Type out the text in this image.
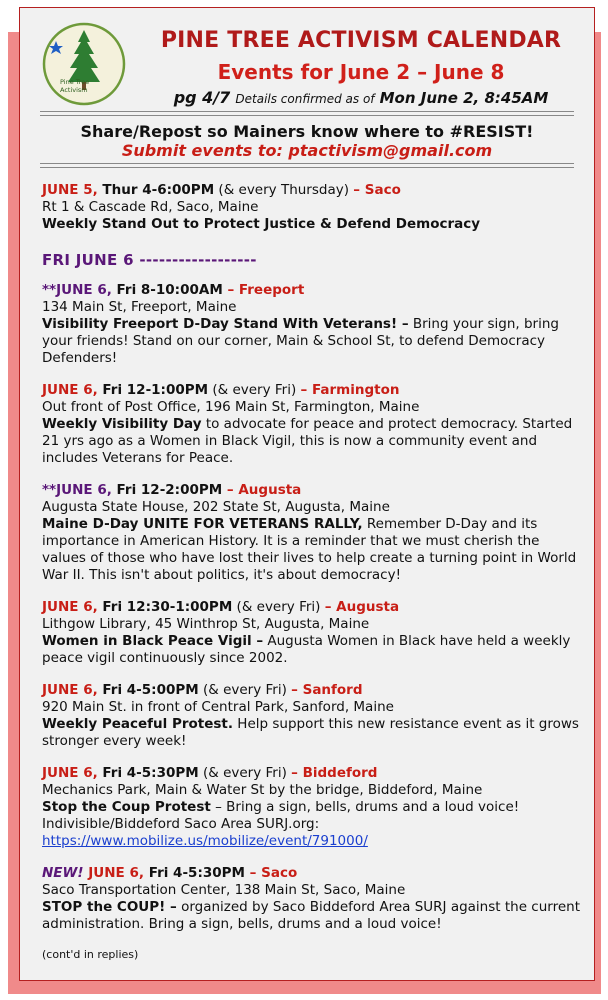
Pine Tree
Activism
PINE TREE ACTIVISM CALENDAR
Events for June 2 – June 8
pg 4/7 Details confirmed as of Mon June 2, 8:45AM
Share/Repost so Mainers know where to #RESIST!
Submit events to: ptactivism@gmail.com
JUNE 5, Thur 4-6:00PM (& every Thursday) – Saco
Rt 1 & Cascade Rd, Saco, Maine
Weekly Stand Out to Protect Justice & Defend Democracy
FRI JUNE 6 ------------------
**JUNE 6, Fri 8-10:00AM – Freeport
134 Main St, Freeport, Maine
Visibility Freeport D-Day Stand With Veterans! – Bring your sign, bring your friends! Stand on our corner, Main & School St, to defend Democracy Defenders!
JUNE 6, Fri 12-1:00PM (& every Fri) – Farmington
Out front of Post Office, 196 Main St, Farmington, Maine
Weekly Visibility Day to advocate for peace and protect democracy. Started 21 yrs ago as a Women in Black Vigil, this is now a community event and includes Veterans for Peace.
**JUNE 6, Fri 12-2:00PM – Augusta
Augusta State House, 202 State St, Augusta, Maine
Maine D-Day UNITE FOR VETERANS RALLY, Remember D-Day and its importance in American History. It is a reminder that we must cherish the values of those who have lost their lives to help create a turning point in World War II. This isn't about politics, it's about democracy!
JUNE 6, Fri 12:30-1:00PM (& every Fri) – Augusta
Lithgow Library, 45 Winthrop St, Augusta, Maine
Women in Black Peace Vigil – Augusta Women in Black have held a weekly peace vigil continuously since 2002.
JUNE 6, Fri 4-5:00PM (& every Fri) – Sanford
920 Main St. in front of Central Park, Sanford, Maine
Weekly Peaceful Protest. Help support this new resistance event as it grows stronger every week!
JUNE 6, Fri 4-5:30PM (& every Fri) – Biddeford
Mechanics Park, Main & Water St by the bridge, Biddeford, Maine
Stop the Coup Protest – Bring a sign, bells, drums and a loud voice!
Indivisible/Biddeford Saco Area SURJ.org:
https://www.mobilize.us/mobilize/event/791000/
NEW! JUNE 6, Fri 4-5:30PM – Saco
Saco Transportation Center, 138 Main St, Saco, Maine
STOP the COUP! – organized by Saco Biddeford Area SURJ against the current administration. Bring a sign, bells, drums and a loud voice!
(cont'd in replies)
